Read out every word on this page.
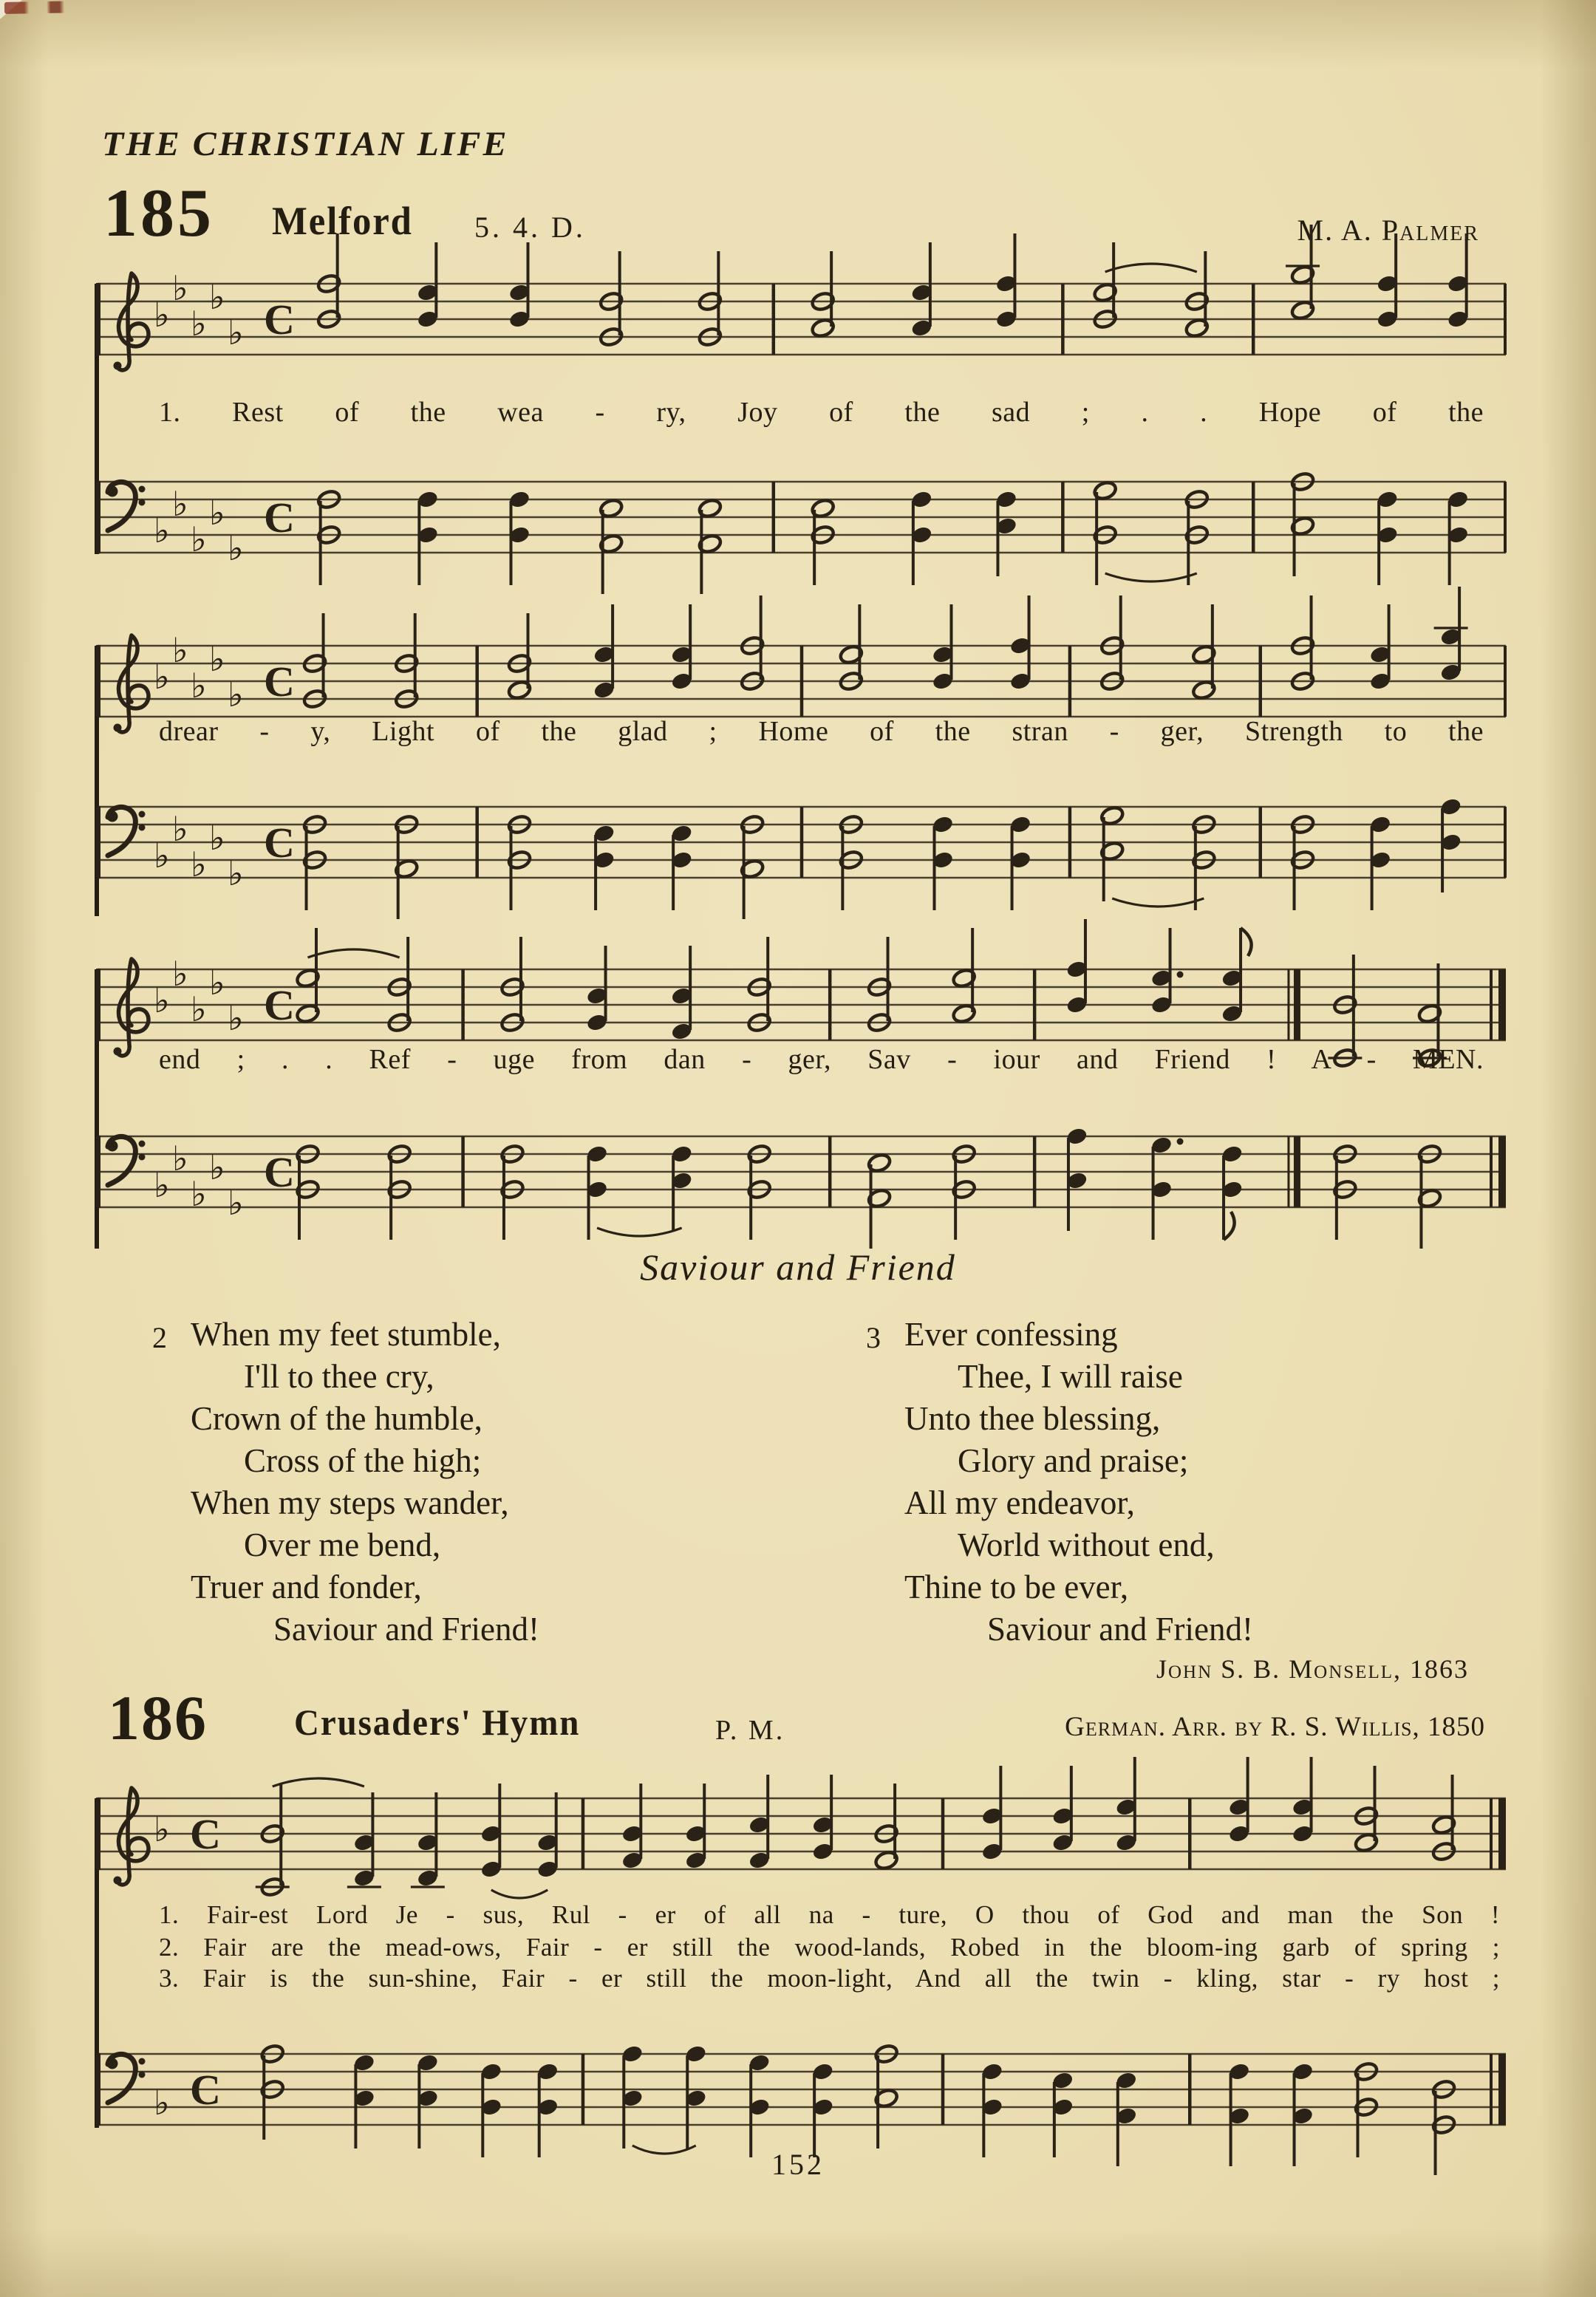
THE CHRISTIAN LIFE
185 Melford 5. 4. D.	M. A. Palmer
♭
♭
♭
♭
♭ C
1. Rest of the wea - ry, Joy of the sad ; . . Hope of the
♭
♭
♭
♭
♭
C
♭
♭
♭
♭
♭ C
drear - y, Light of the glad ; Home of the stran - ger, Strength to the
♭
♭
♭
♭
♭
C
♭
♭
♭
♭
♭ C
end ; . . Ref - uge from dan - ger, Sav - iour and Friend ! A - MEN.
♭
♭
♭
♭
♭
C
Saviour and Friend
2 When my feet stumble,
I'll to thee cry,
Crown of the humble,
Cross of the high;
When my steps wander,
Over me bend,
Truer and fonder,
Saviour and Friend!
3 Ever confessing
Thee, I will raise
Unto thee blessing,
Glory and praise;
All my endeavor,
World without end,
Thine to be ever,
Saviour and Friend!
John S. B. Monsell, 1863
186 Crusaders' Hymn	P. M.	German. Arr. by R. S. Willis, 1850
♭ C
1. Fair-est Lord Je - sus, Rul - er of all na - ture, O thou of God and man the Son !
2. Fair are the mead-ows, Fair - er still the wood-lands, Robed in the bloom-ing garb of spring ;
3. Fair is the sun-shine, Fair - er still the moon-light, And all the twin - kling, star - ry host ;
♭ C
152
